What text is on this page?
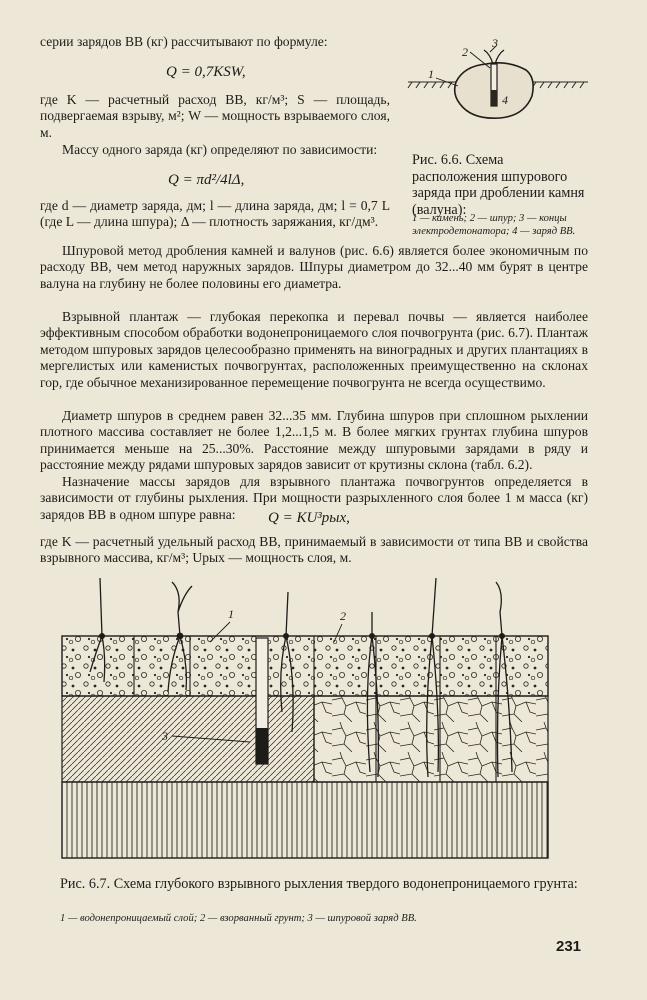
серии зарядов ВВ (кг) рассчитывают по формуле:
Q = 0,7KSW,
где K — расчетный расход ВВ, кг/м³; S — площадь, подвергаемая взрыву, м²; W — мощность взрываемого слоя, м.
Массу одного заряда (кг) определяют по зависимости:
Q = πd²/4lΔ,
где d — диаметр заряда, дм; l — длина заряда, дм; l = 0,7 L (где L — длина шпура); Δ — плотность заряжания, кг/дм³.
1
2
3
4
Рис. 6.6. Схема расположения шпурового заряда при дроблении камня (валуна):
1 — камень; 2 — шпур; 3 — концы электродетонатора; 4 — заряд ВВ.
Шпуровой метод дробления камней и валунов (рис. 6.6) является более экономичным по расходу ВВ, чем метод наружных зарядов. Шпуры диаметром до 32...40 мм бурят в центре валуна на глубину не более половины его диаметра.
Взрывной плантаж — глубокая перекопка и перевал почвы — является наиболее эффективным способом обработки водонепроницаемого слоя почвогрунта (рис. 6.7). Плантаж методом шпуровых зарядов целесообразно применять на виноградных и других плантациях в мергелистых или каменистых почвогрунтах, расположенных преимущественно на склонах гор, где обычное механизированное перемещение почвогрунта не всегда осуществимо.
Диаметр шпуров в среднем равен 32...35 мм. Глубина шпуров при сплошном рыхлении плотного массива составляет не более 1,2...1,5 м. В более мягких грунтах глубина шпуров принимается меньше на 25...30%. Расстояние между шпуровыми зарядами в ряду и расстояние между рядами шпуровых зарядов зависит от крутизны склона (табл. 6.2).
Назначение массы зарядов для взрывного плантажа почвогрунтов определяется в зависимости от глубины рыхления. При мощности разрыхленного слоя более 1 м масса (кг) зарядов ВВ в одном шпуре равна:	Q = KU³рых,
где K — расчетный удельный расход ВВ, принимаемый в зависимости от типа ВВ и свойства взрывного массива, кг/м³; Uрых — мощность слоя, м.
1	2
3
Рис. 6.7. Схема глубокого взрывного рыхления твердого водонепроницаемого грунта:
1 — водонепроницаемый слой; 2 — взорванный грунт; 3 — шпуровой заряд ВВ.
231
